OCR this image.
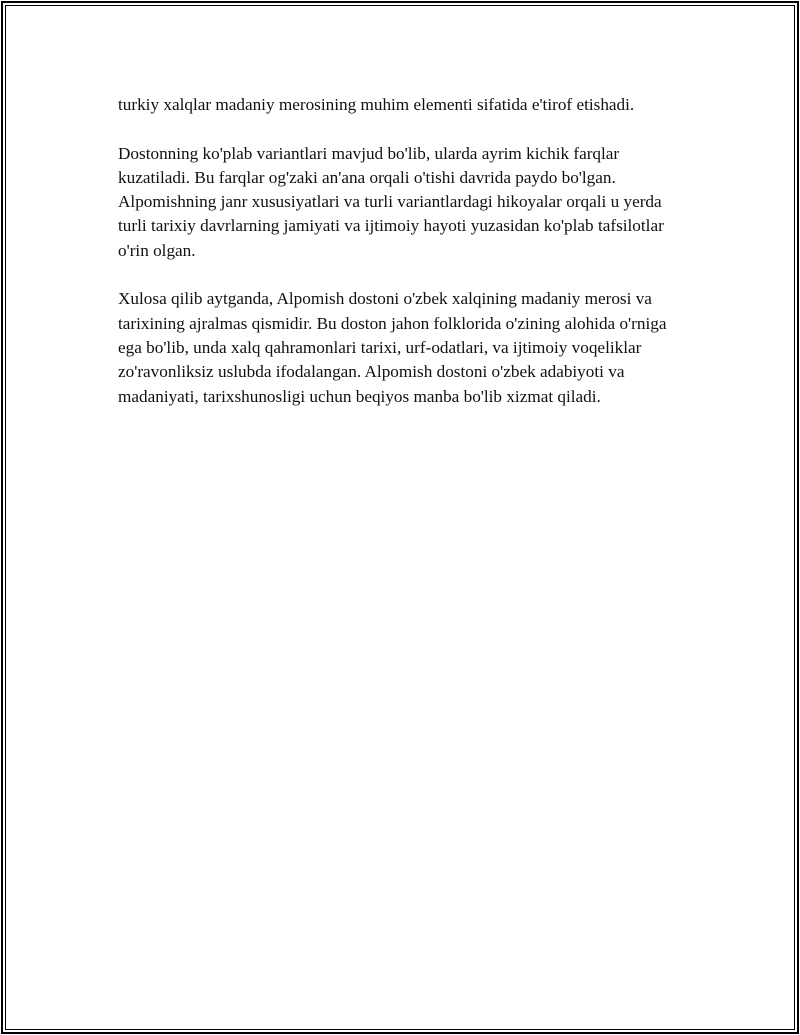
turkiy xalqlar madaniy merosining muhim elementi sifatida e'tirof etishadi.

Dostonning ko'plab variantlari mavjud bo'lib, ularda ayrim kichik farqlar kuzatiladi. Bu farqlar og'zaki an'ana orqali o'tishi davrida paydo bo'lgan. Alpomishning janr xususiyatlari va turli variantlardagi hikoyalar orqali u yerda turli tarixiy davrlarning jamiyati va ijtimoiy hayoti yuzasidan ko'plab tafsilotlar o'rin olgan.

Xulosa qilib aytganda, Alpomish dostoni o'zbek xalqining madaniy merosi va tarixining ajralmas qismidir. Bu doston jahon folklorida o'zining alohida o'rniga ega bo'lib, unda xalq qahramonlari tarixi, urf-odatlari, va ijtimoiy voqeliklar zo'ravonliksiz uslubda ifodalangan. Alpomish dostoni o'zbek adabiyoti va madaniyati, tarixshunosligi uchun beqiyos manba bo'lib xizmat qiladi.
